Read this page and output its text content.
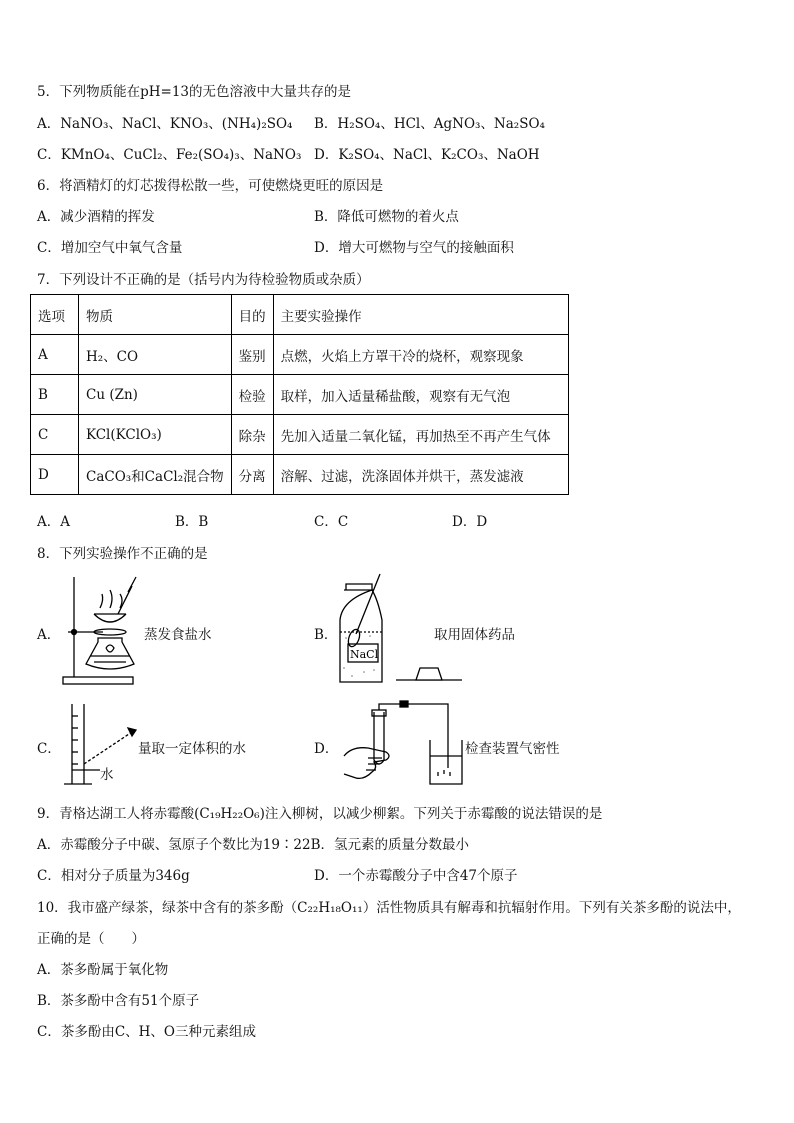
5．下列物质能在pH=13的无色溶液中大量共存的是
A．NaNO₃、NaCl、KNO₃、(NH₄)₂SO₄ B．H₂SO₄、HCl、AgNO₃、Na₂SO₄
C．KMnO₄、CuCl₂、Fe₂(SO₄)₃、NaNO₃ D．K₂SO₄、NaCl、K₂CO₃、NaOH
6．将酒精灯的灯芯拨得松散一些，可使燃烧更旺的原因是
A．减少酒精的挥发	B．降低可燃物的着火点
C．增加空气中氧气含量	D．增大可燃物与空气的接触面积
7．下列设计不正确的是（括号内为待检验物质或杂质）
选项	物质	目的	主要实验操作
A	H₂、CO	鉴别	点燃，火焰上方罩干冷的烧杯，观察现象
B	Cu (Zn)	检验	取样，加入适量稀盐酸，观察有无气泡
C	KCl(KClO₃)	除杂	先加入适量二氧化锰，再加热至不再产生气体
D	CaCO₃和CaCl₂混合物	分离	溶解、过滤，洗涤固体并烘干，蒸发滤液
A．A	B．B	C．C	D．D
8．下列实验操作不正确的是
A．	蒸发食盐水	B．
NaCl
取用固体药品
C．	量取一定体积的水
水
D．	检查装置气密性
9．青格达湖工人将赤霉酸(C₁₉H₂₂O₆)注入柳树，以减少柳絮。下列关于赤霉酸的说法错误的是
A．赤霉酸分子中碳、氢原子个数比为19∶22B．氢元素的质量分数最小
C．相对分子质量为346g	D．一个赤霉酸分子中含47个原子
10．我市盛产绿茶，绿茶中含有的茶多酚（C₂₂H₁₈O₁₁）活性物质具有解毒和抗辐射作用。下列有关茶多酚的说法中，
正确的是（　　）
A．茶多酚属于氧化物
B．茶多酚中含有51个原子
C．茶多酚由C、H、O三种元素组成
